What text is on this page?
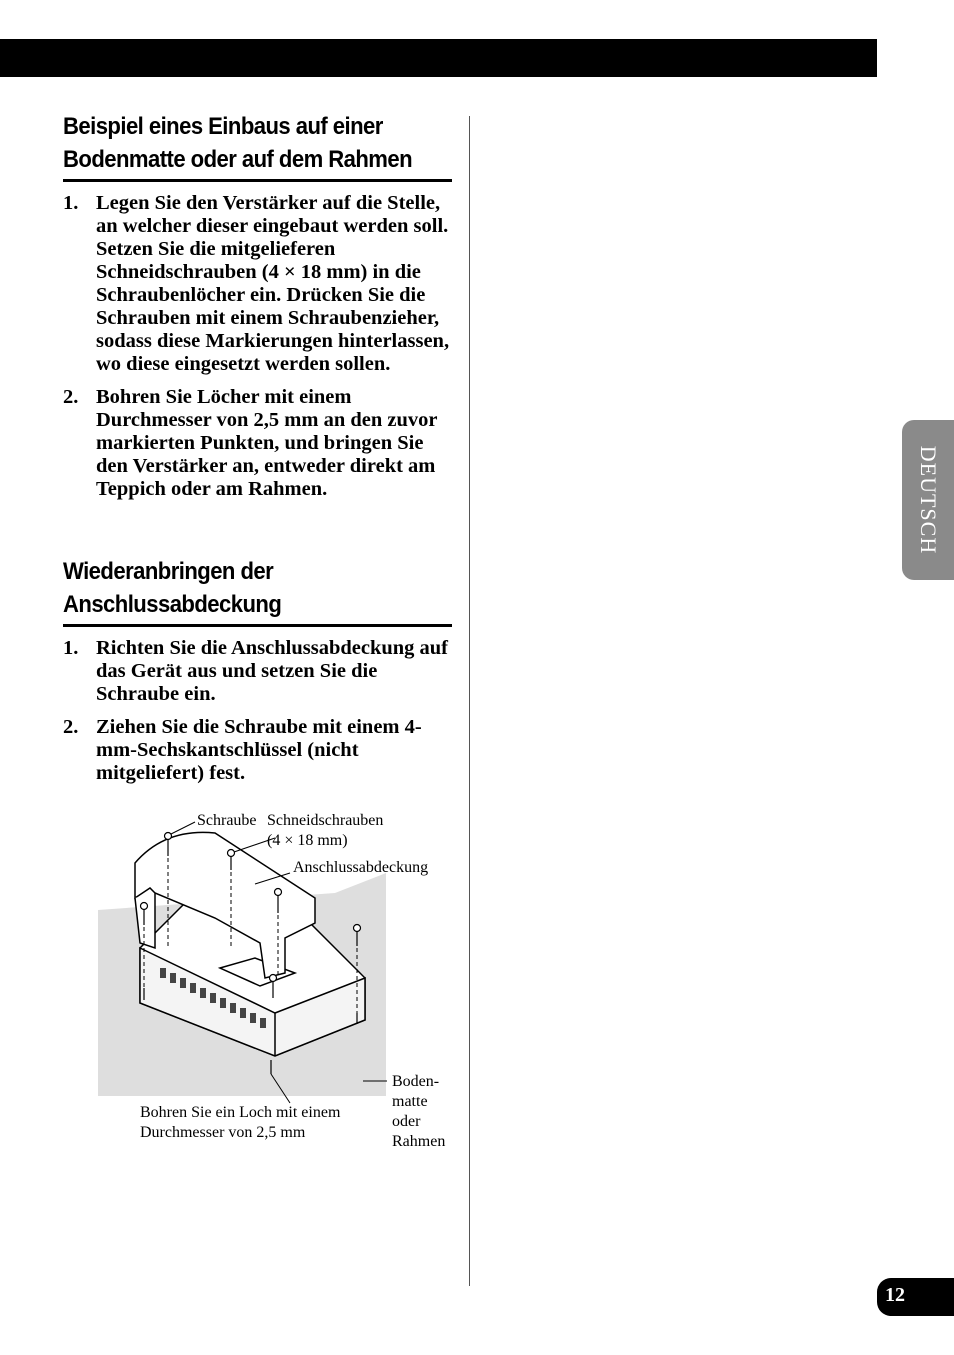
Beispiel eines Einbaus auf einer
Bodenmatte oder auf dem Rahmen
1. Legen Sie den Verstärker auf die Stelle, an welcher dieser eingebaut werden soll. Setzen Sie die mitgelieferen Schneidschrauben (4 × 18 mm) in die Schraubenlöcher ein. Drücken Sie die Schrauben mit einem Schraubenzieher, sodass diese Markierungen hinterlassen, wo diese eingesetzt werden sollen.
2. Bohren Sie Löcher mit einem Durchmesser von 2,5 mm an den zuvor markierten Punkten, und bringen Sie den Verstärker an, entweder direkt am Teppich oder am Rahmen.
Wiederanbringen der
Anschlussabdeckung
1. Richten Sie die Anschlussabdeckung auf das Gerät aus und setzen Sie die Schraube ein.
2. Ziehen Sie die Schraube mit einem 4-mm-Sechskantschlüssel (nicht mitgeliefert) fest.
Schraube Schneidschrauben
(4 × 18 mm)
Anschlussabdeckung
Bohren Sie ein Loch mit einem
Durchmesser von 2,5 mm
Boden-
matte
oder
Rahmen
DEUTSCH
12
